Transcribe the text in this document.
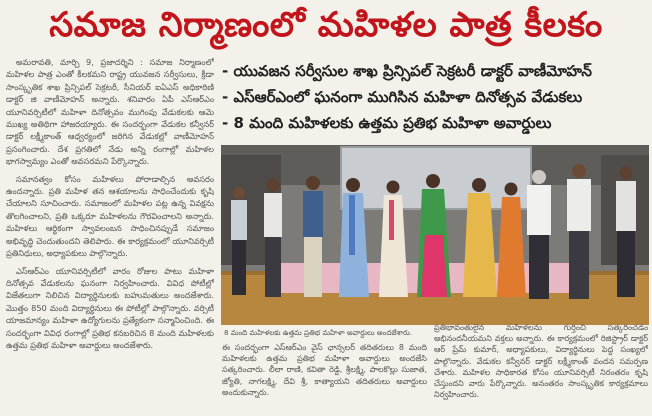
సమాజ నిర్మాణంలో మహిళల పాత్ర కీలకం

అమరావతి, మార్చి 9, ప్రజాదర్శిని : సమాజ నిర్మాణంలో మహిళల పాత్ర ఎంతో కీలకమని రాష్ట్ర యువజన సర్వీసులు, క్రీడా సాంస్కృతిక శాఖ ప్రిన్సిపల్ సెక్రటరీ, సీనియర్ ఐఏఎస్ అధికారిణి డాక్టర్ జి వాణీమోహన్ అన్నారు. శనివారం ఏపీ ఎస్ఆర్ఎం యూనివర్సిటీలో మహిళా దినోత్సవం ముగింపు వేడుకలకు ఆమె ముఖ్య అతిథిగా హాజరయ్యారు. ఈ సందర్భంగా వేడుకల కన్వీనర్ డాక్టర్ లక్ష్మీకాంత్ ఆధ్వర్యంలో జరిగిన వేడుకల్లో వాణీమోహన్ ప్రసంగించారు. దేశ ప్రగతిలో నేడు అన్ని రంగాల్లో మహిళల భాగస్వామ్యం ఎంతో అవసరమని పేర్కొన్నారు.

సమానత్వం కోసం మహిళలు పోరాడాల్సిన అవసరం ఉందన్నారు. ప్రతి మహిళ తన ఆశయాలను సాధించేందుకు కృషి చేయాలని సూచించారు. సమాజంలో మహిళల పట్ల ఉన్న వివక్షను తొలగించాలని, ప్రతి ఒక్కరూ మహిళలను గౌరవించాలని అన్నారు. మహిళలు ఆర్థికంగా స్వావలంబన సాధించినప్పుడే సమాజం అభివృద్ధి చెందుతుందని తెలిపారు. ఈ కార్యక్రమంలో యూనివర్సిటీ ప్రతినిధులు, అధ్యాపకులు పాల్గొన్నారు.

ఎస్ఆర్ఎం యూనివర్సిటీలో వారం రోజుల పాటు మహిళా దినోత్సవ వేడుకలను ఘనంగా నిర్వహించారు. వివిధ పోటీల్లో విజేతలుగా నిలిచిన విద్యార్థినులకు బహుమతులు అందజేశారు. మొత్తం 850 మంది విద్యార్థినులు ఈ పోటీల్లో పాల్గొన్నారు. వర్సిటీ యాజమాన్యం మహిళా ఉద్యోగులను ప్రత్యేకంగా సన్మానించింది. ఈ సందర్భంగా వివిధ రంగాల్లో ప్రతిభ కనబరిచిన 8 మంది మహిళలకు ఉత్తమ ప్రతిభ మహిళా అవార్డులు అందజేశారు.

- యువజన సర్వీసుల శాఖ ప్రిన్సిపల్ సెక్రటరీ డాక్టర్ వాణీమోహన్
- ఎస్ఆర్ఎంలో ఘనంగా ముగిసిన మహిళా దినోత్సవ వేడుకలు
- 8 మంది మహిళలకు ఉత్తమ ప్రతిభ మహిళా అవార్డులు
8 మంది మహిళలకు ఉత్తమ ప్రతిభ మహిళా అవార్డులు అందజేశారు.

ఈ సందర్భంగా ఎస్ఆర్ఎం వైస్ ఛాన్సలర్ తదితరులు 8 మంది మహిళలకు ఉత్తమ ప్రతిభ మహిళా అవార్డులు అందజేసి సత్కరించారు. లీలా రాణి, కవితా రెడ్డి, శ్రీలక్ష్మి, పాలకొల్లు సుజాత, జ్యోతి, నాగలక్ష్మి, దేవి శ్రీ, కాత్యాయని తదితరులు అవార్డులు అందుకున్నారు.

ప్రతిభావంతులైన మహిళలను గుర్తించి సత్కరించడం అభినందనీయమని వక్తలు అన్నారు. ఈ కార్యక్రమంలో రిజిస్ట్రార్ డాక్టర్ ఆర్ ప్రేమ్ కుమార్, అధ్యాపకులు, విద్యార్థినులు పెద్ద సంఖ్యలో పాల్గొన్నారు. వేడుకల కన్వీనర్ డాక్టర్ లక్ష్మీకాంత్ వందన సమర్పణ చేశారు. మహిళల సాధికారత కోసం యూనివర్సిటీ నిరంతరం కృషి చేస్తుందని వారు పేర్కొన్నారు. అనంతరం సాంస్కృతిక కార్యక్రమాలు నిర్వహించారు.
